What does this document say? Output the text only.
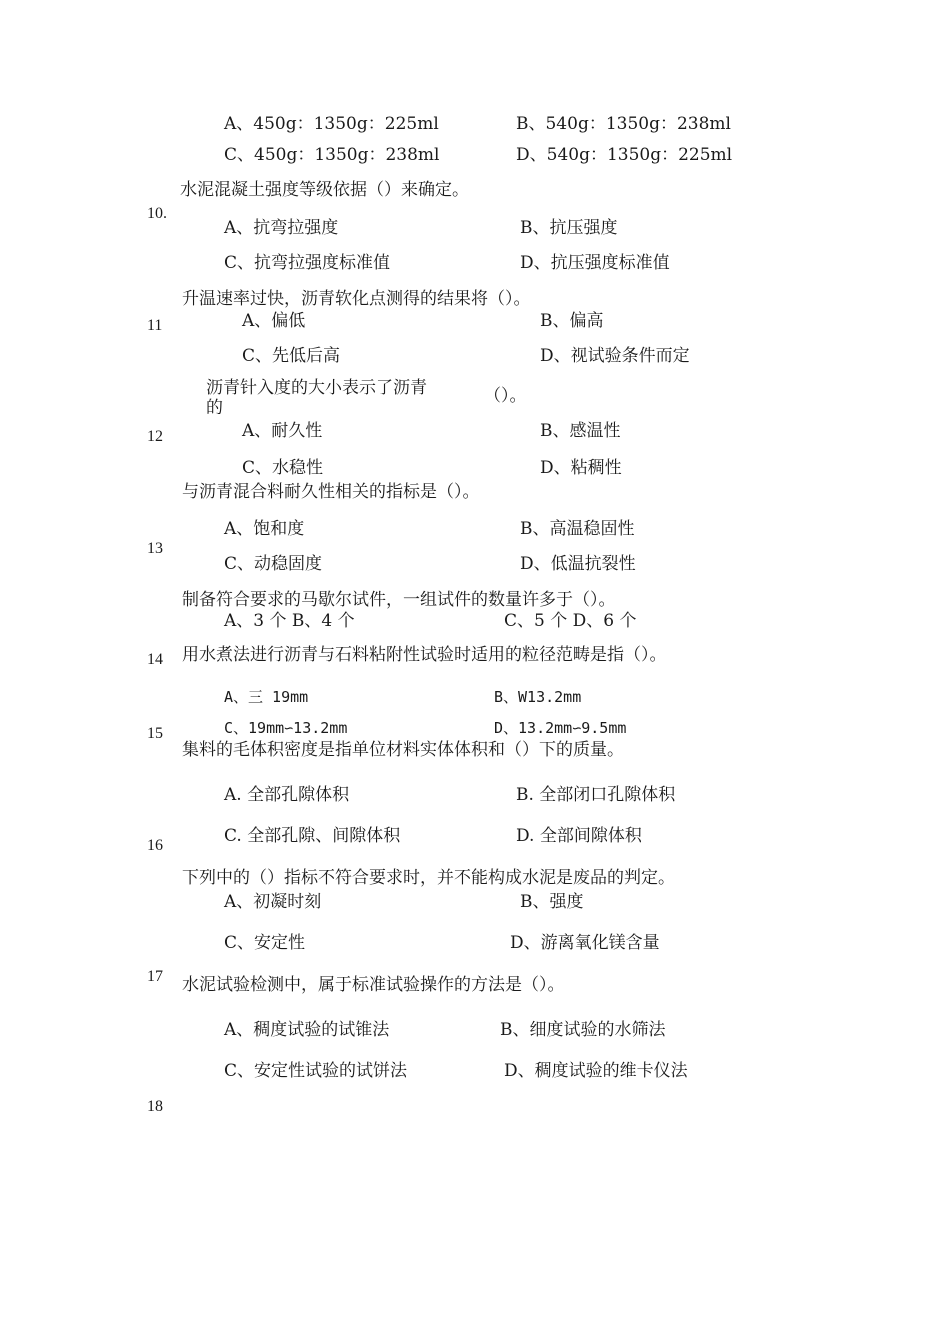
A、450g：1350g：225ml	B、540g：1350g：238ml
C、450g：1350g：238ml	D、540g：1350g：225ml
水泥混凝土强度等级依据（）来确定。
10.
A、抗弯拉强度	B、抗压强度
C、抗弯拉强度标准值	D、抗压强度标准值
升温速率过快，沥青软化点测得的结果将（）。
11	A、偏低	B、偏高
C、先低后高	D、视试验条件而定
沥青针入度的大小表示了沥青
的
（）。
12	A、耐久性	B、感温性
C、水稳性	D、粘稠性
与沥青混合料耐久性相关的指标是（）。
A、饱和度	B、高温稳固性
13
C、动稳固度	D、低温抗裂性
制备符合要求的马歇尔试件，一组试件的数量许多于（）。
A、3 个 B、4 个	C、5 个 D、6 个
14 用水煮法进行沥青与石料粘附性试验时适用的粒径范畴是指（）。
A、三 19mm	B、W13.2mm
C、19mm∽13.2mm	D、13.2mm∽9.5mm
15
集料的毛体积密度是指单位材料实体体积和（）下的质量。
A. 全部孔隙体积	B. 全部闭口孔隙体积
C. 全部孔隙、间隙体积	D. 全部间隙体积
16
下列中的（）指标不符合要求时，并不能构成水泥是废品的判定。
A、初凝时刻	B、强度
C、安定性	D、游离氧化镁含量
17 水泥试验检测中，属于标准试验操作的方法是（）。
A、稠度试验的试锥法	B、细度试验的水筛法
C、安定性试验的试饼法	D、稠度试验的维卡仪法
18
